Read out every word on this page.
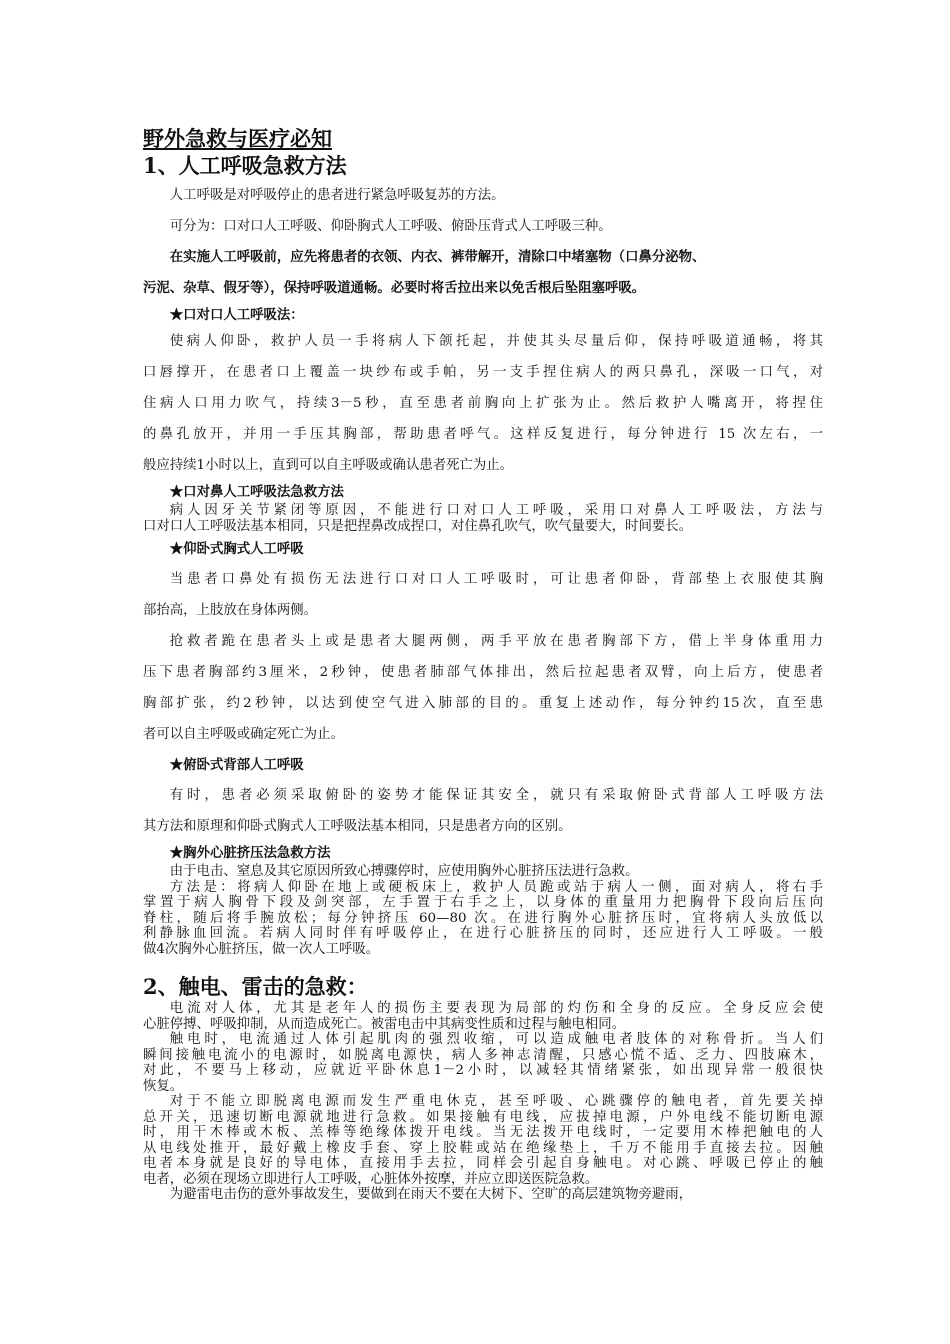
野外急救与医疗必知

1、人工呼吸急救方法

人工呼吸是对呼吸停止的患者进行紧急呼吸复苏的方法。

可分为：口对口人工呼吸、仰卧胸式人工呼吸、俯卧压背式人工呼吸三种。

在实施人工呼吸前，应先将患者的衣领、内衣、裤带解开，清除口中堵塞物（口鼻分泌物、
污泥、杂草、假牙等），保持呼吸道通畅。必要时将舌拉出来以免舌根后坠阻塞呼吸。

★口对口人工呼吸法：

使病人仰卧，救护人员一手将病人下颌托起，并使其头尽量后仰，保持呼吸道通畅，将其
口唇撑开，在患者口上覆盖一块纱布或手帕，另一支手捏住病人的两只鼻孔，深吸一口气，对
住病人口用力吹气，持续3－5秒，直至患者前胸向上扩张为止。然后救护人嘴离开，将捏住
的鼻孔放开，并用一手压其胸部，帮助患者呼气。这样反复进行，每分钟进行 15 次左右，一
般应持续1小时以上，直到可以自主呼吸或确认患者死亡为止。

★口对鼻人工呼吸法急救方法

病人因牙关节紧闭等原因，不能进行口对口人工呼吸，采用口对鼻人工呼吸法，方法与
口对口人工呼吸法基本相同，只是把捏鼻改成捏口，对住鼻孔吹气，吹气量要大，时间要长。

★仰卧式胸式人工呼吸

当患者口鼻处有损伤无法进行口对口人工呼吸时，可让患者仰卧，背部垫上衣服使其胸
部抬高，上肢放在身体两侧。

抢救者跪在患者头上或是患者大腿两侧，两手平放在患者胸部下方，借上半身体重用力
压下患者胸部约3厘米，2秒钟，使患者肺部气体排出，然后拉起患者双臂，向上后方，使患者
胸部扩张，约2秒钟，以达到使空气进入肺部的目的。重复上述动作，每分钟约15次，直至患
者可以自主呼吸或确定死亡为止。

★俯卧式背部人工呼吸

有时，患者必须采取俯卧的姿势才能保证其安全，就只有采取俯卧式背部人工呼吸方法
其方法和原理和仰卧式胸式人工呼吸法基本相同，只是患者方向的区别。

★胸外心脏挤压法急救方法

由于电击、窒息及其它原因所致心搏骤停时，应使用胸外心脏挤压法进行急救。

方法是：将病人仰卧在地上或硬板床上，救护人员跪或站于病人一侧，面对病人，将右手
掌置于病人胸骨下段及剑突部，左手置于右手之上，以身体的重量用力把胸骨下段向后压向
脊柱，随后将手腕放松；每分钟挤压 60—80 次。在进行胸外心脏挤压时，宜将病人头放低以
利静脉血回流。若病人同时伴有呼吸停止，在进行心脏挤压的同时，还应进行人工呼吸。一般
做4次胸外心脏挤压，做一次人工呼吸。

2、触电、雷击的急救：

电流对人体，尤其是老年人的损伤主要表现为局部的灼伤和全身的反应。全身反应会使
心脏停搏、呼吸抑制，从而造成死亡。被雷电击中其病变性质和过程与触电相同。

触电时，电流通过人体引起肌肉的强烈收缩，可以造成触电者肢体的对称骨折。当人们
瞬间接触电流小的电源时，如脱离电源快，病人多神志清醒，只感心慌不适、乏力、四肢麻木，
对此，不要马上移动，应就近平卧休息1－2小时，以减轻其情绪紧张，如出现异常一般很快
恢复。

对于不能立即脱离电源而发生严重电休克，甚至呼吸、心跳骤停的触电者，首先要关掉
总开关，迅速切断电源就地进行急救。如果接触有电线，应拔掉电源，户外电线不能切断电源
时，用干木棒或木板、羔棒等绝缘体拨开电线。当无法拨开电线时，一定要用木棒把触电的人
从电线处推开，最好戴上橡皮手套、穿上胶鞋或站在绝缘垫上，千万不能用手直接去拉。因触
电者本身就是良好的导电体，直接用手去拉，同样会引起自身触电。对心跳、呼吸已停止的触
电者，必须在现场立即进行人工呼吸，心脏体外按摩，并应立即送医院急救。

为避雷电击伤的意外事故发生，要做到在雨天不要在大树下、空旷的高层建筑物旁避雨，
